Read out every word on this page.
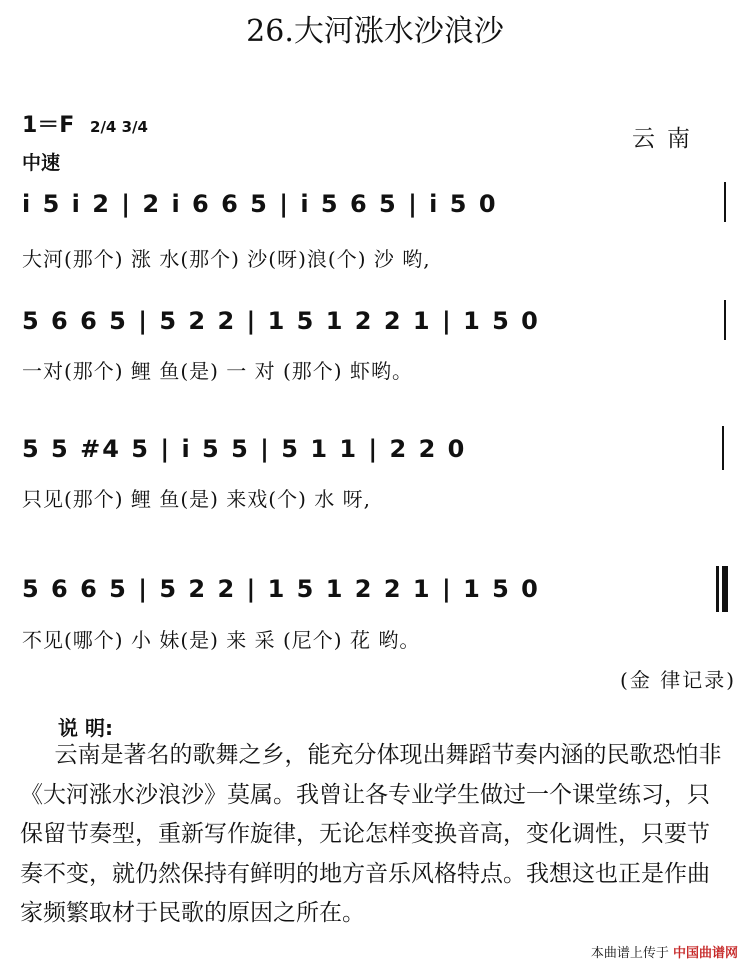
26.大河涨水沙浪沙
1＝F 2/4 3/4	云南
中速
i 5 i 2 | 2 i 6 6 5 | i 5 6 5 | i 5 0
大河(那个) 涨 水(那个) 沙(呀)浪(个) 沙 哟,
5 6 6 5 | 5 2 2 | 1 5 1 2 2 1 | 1 5 0
一对(那个) 鲤 鱼(是) 一 对 (那个) 虾哟。
5 5 #4 5 | i 5 5 | 5 1 1 | 2 2 0
只见(那个) 鲤 鱼(是) 来戏(个) 水 呀,
5 6 6 5 | 5 2 2 | 1 5 1 2 2 1 | 1 5 0
不见(哪个) 小 妹(是) 来 采 (尼个) 花 哟。
(金 律记录)
说 明:
云南是著名的歌舞之乡，能充分体现出舞蹈节奏内涵的民歌恐怕非《大河涨水沙浪沙》莫属。我曾让各专业学生做过一个课堂练习，只保留节奏型，重新写作旋律，无论怎样变换音高，变化调性，只要节奏不变，就仍然保持有鲜明的地方音乐风格特点。我想这也正是作曲家频繁取材于民歌的原因之所在。
本曲谱上传于 中国曲谱网
